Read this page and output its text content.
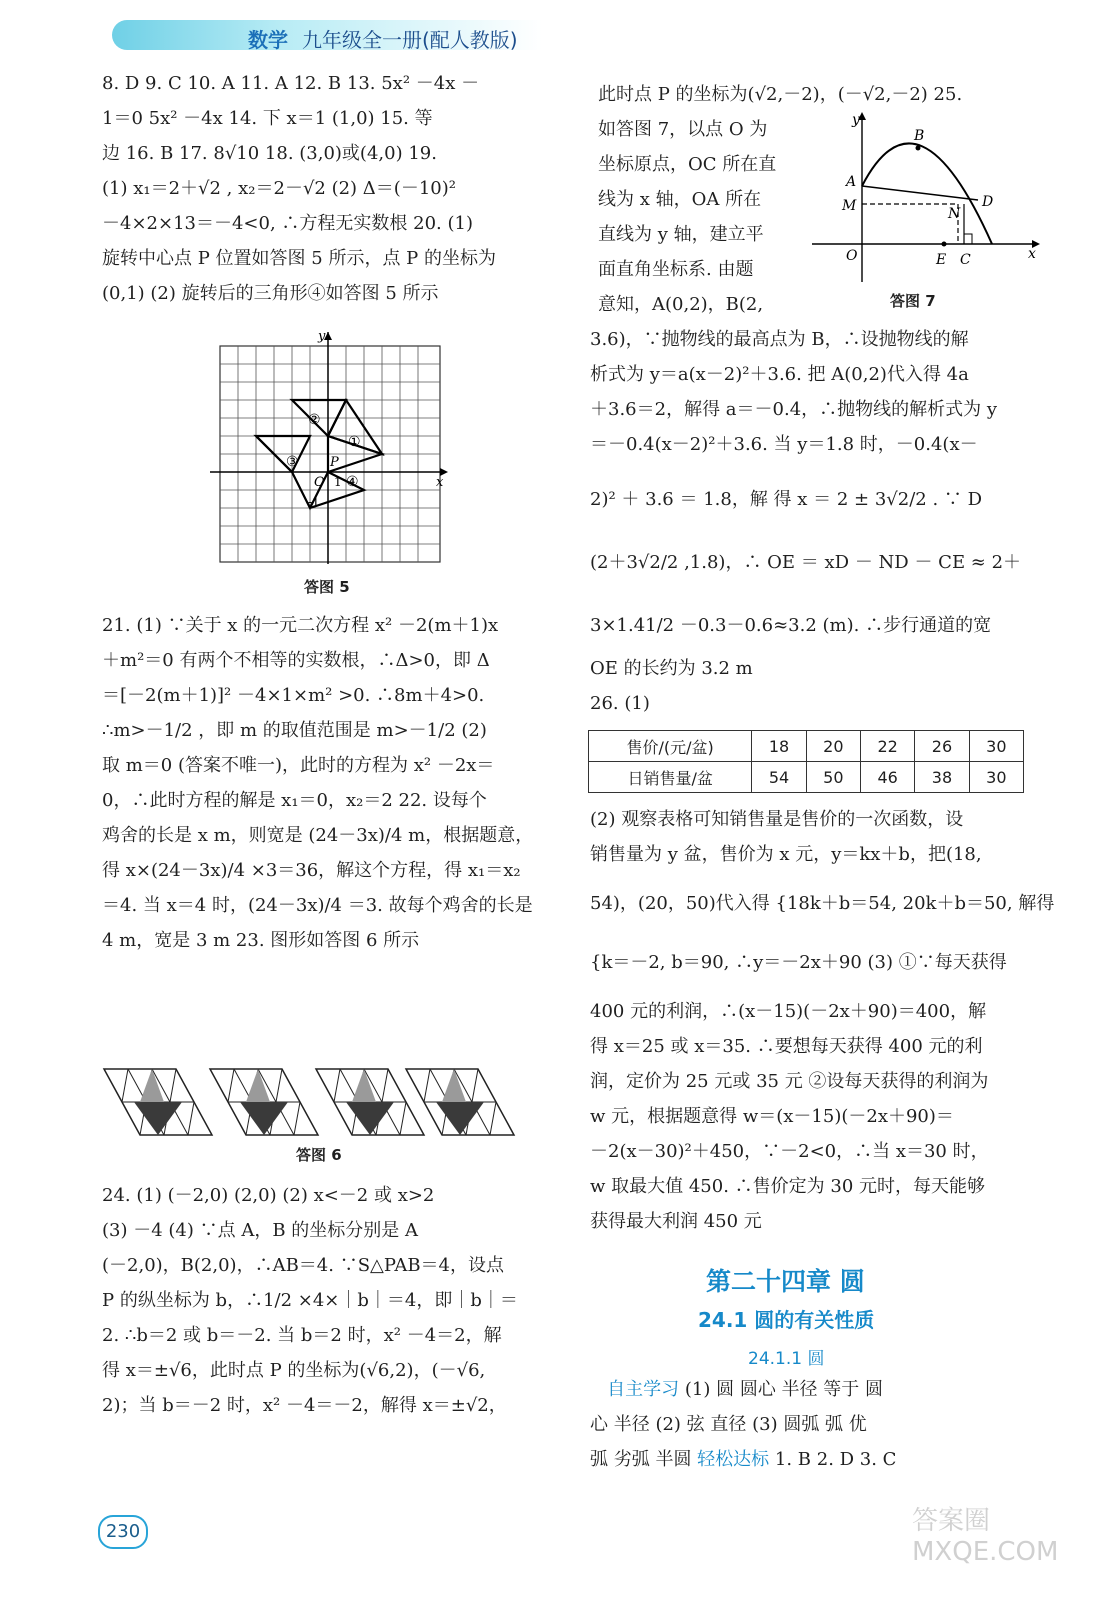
数学 九年级全一册(配人教版)

8. D 9. C 10. A 11. A 12. B 13. 5x² －4x －

1＝0 5x² －4x 14. 下 x＝1 (1,0) 15. 等

边 16. B 17. 8√10 18. (3,0)或(4,0) 19.

(1) x₁＝2＋√2 , x₂＝2－√2 (2) Δ＝(－10)²

－4×2×13＝－4<0, ∴方程无实数根 20. (1)

旋转中心点 P 位置如答图 5 所示，点 P 的坐标为

(0,1) (2) 旋转后的三角形④如答图 5 所示

y
x
O
P
1
-1
①
②
③
④
答图 5

21. (1) ∵关于 x 的一元二次方程 x² －2(m＋1)x

＋m²＝0 有两个不相等的实数根，∴Δ>0，即 Δ

＝[－2(m＋1)]² －4×1×m² >0. ∴8m＋4>0.

∴m>－1/2 ，即 m 的取值范围是 m>－1/2 (2)

取 m＝0 (答案不唯一)，此时的方程为 x² －2x＝

0，∴此时方程的解是 x₁＝0，x₂＝2 22. 设每个

鸡舍的长是 x m，则宽是 (24－3x)/4 m，根据题意，

得 x×(24－3x)/4 ×3＝36，解这个方程，得 x₁＝x₂

＝4. 当 x＝4 时，(24－3x)/4 ＝3. 故每个鸡舍的长是

4 m，宽是 3 m 23. 图形如答图 6 所示

答图 6

24. (1) (－2,0) (2,0) (2) x<－2 或 x>2

(3) －4 (4) ∵点 A，B 的坐标分别是 A

(－2,0)，B(2,0)，∴AB＝4. ∵S△PAB＝4，设点

P 的纵坐标为 b，∴1/2 ×4×｜b｜＝4，即｜b｜＝

2. ∴b＝2 或 b＝－2. 当 b＝2 时，x² －4＝2，解

得 x＝±√6，此时点 P 的坐标为(√6,2)，(－√6,

2)；当 b＝－2 时，x² －4＝－2，解得 x＝±√2，

此时点 P 的坐标为(√2,－2)，(－√2,－2) 25.

如答图 7，以点 O 为

坐标原点，OC 所在直

线为 x 轴，OA 所在

直线为 y 轴，建立平

面直角坐标系. 由题

意知，A(0,2)，B(2,

y
x
O
A
B
M	N
D
E C
答图 7

3.6)，∵抛物线的最高点为 B，∴设抛物线的解

析式为 y＝a(x－2)²＋3.6. 把 A(0,2)代入得 4a

＋3.6＝2，解得 a＝－0.4，∴抛物线的解析式为 y

＝－0.4(x－2)²＋3.6. 当 y＝1.8 时，－0.4(x－

2)² ＋ 3.6 ＝ 1.8，解 得 x ＝ 2 ± 3√2/2 . ∵ D

(2＋3√2/2 ,1.8)，∴ OE ＝ xD － ND － CE ≈ 2＋

3×1.41/2 －0.3－0.6≈3.2 (m). ∴步行通道的宽

OE 的长约为 3.2 m

26. (1)

售价/(元/盆)	18	20	22	26	30
日销售量/盆	54	50	46	38	30

(2) 观察表格可知销售量是售价的一次函数，设

销售量为 y 盆，售价为 x 元，y＝kx＋b，把(18,

54)，(20，50)代入得 {18k＋b＝54, 20k＋b＝50, 解得

{k＝－2, b＝90, ∴y＝－2x＋90 (3) ①∵每天获得

400 元的利润，∴(x－15)(－2x＋90)＝400，解

得 x＝25 或 x＝35. ∴要想每天获得 400 元的利

润，定价为 25 元或 35 元 ②设每天获得的利润为

w 元，根据题意得 w＝(x－15)(－2x＋90)＝

－2(x－30)²＋450，∵－2<0，∴当 x＝30 时，

w 取最大值 450. ∴售价定为 30 元时，每天能够

获得最大利润 450 元

第二十四章 圆
24.1 圆的有关性质
24.1.1 圆

自主学习 (1) 圆 圆心 半径 等于 圆

心 半径 (2) 弦 直径 (3) 圆弧 弧 优

弧 劣弧 半圆 轻松达标 1. B 2. D 3. C

230	答案圈 MXQE.COM
